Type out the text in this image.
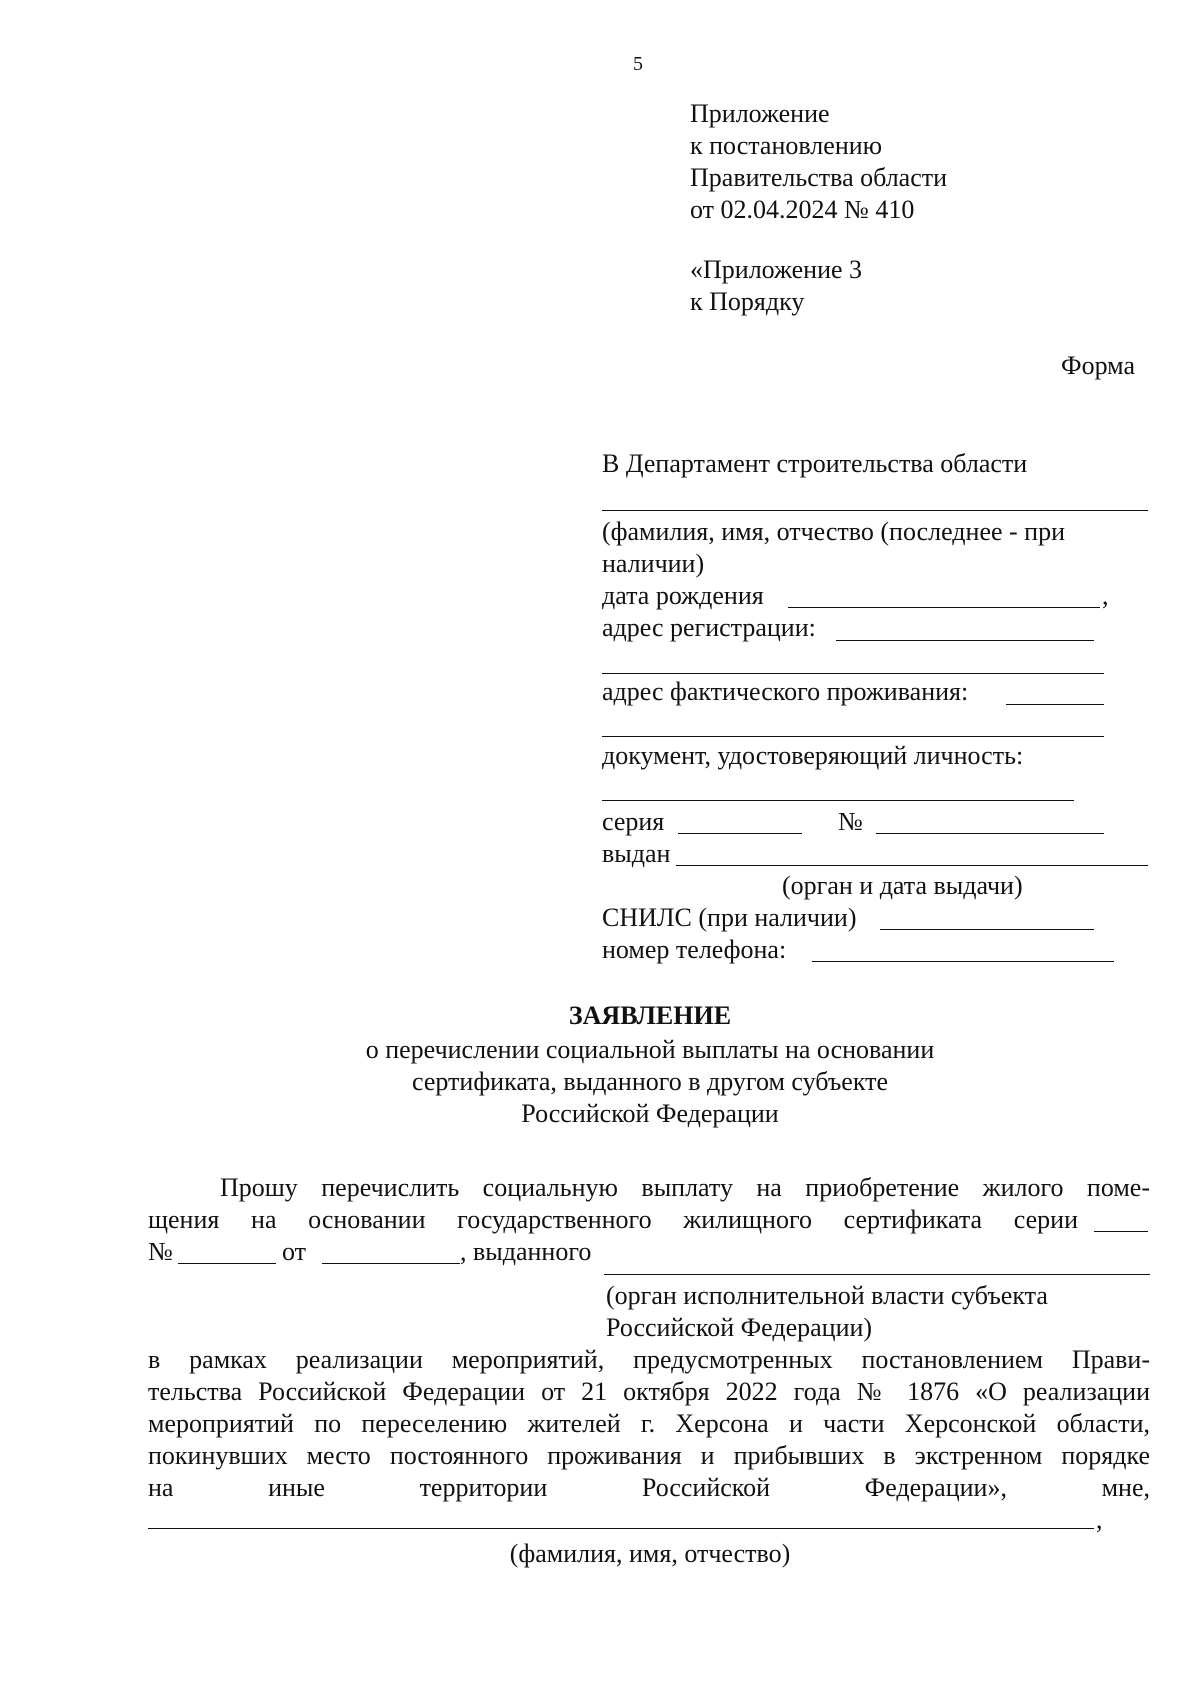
5
Приложение
к постановлению
Правительства области
от 02.04.2024 № 410
«Приложение 3
к Порядку
Форма
В Департамент строительства области
(фамилия, имя, отчество (последнее - при
наличии)
дата рождения	,
адрес регистрации:
адрес фактического проживания:
документ, удостоверяющий личность:
серия	№
выдан
(орган и дата выдачи)
СНИЛС (при наличии)
номер телефона:
ЗАЯВЛЕНИЕ
о перечислении социальной выплаты на основании
сертификата, выданного в другом субъекте
Российской Федерации
Прошу перечислить социальную выплату на приобретение жилого поме-
щения на основании государственного жилищного сертификата серии
№	от	, выданного
(орган исполнительной власти субъекта
Российской Федерации)
в рамках реализации мероприятий, предусмотренных постановлением Прави-
тельства Российской Федерации от 21 октября 2022 года № 1876 «О реализации
мероприятий по переселению жителей г. Херсона и части Херсонской области,
покинувших место постоянного проживания и прибывших в экстренном порядке
на иные территории Российской Федерации», мне,
,
(фамилия, имя, отчество)
